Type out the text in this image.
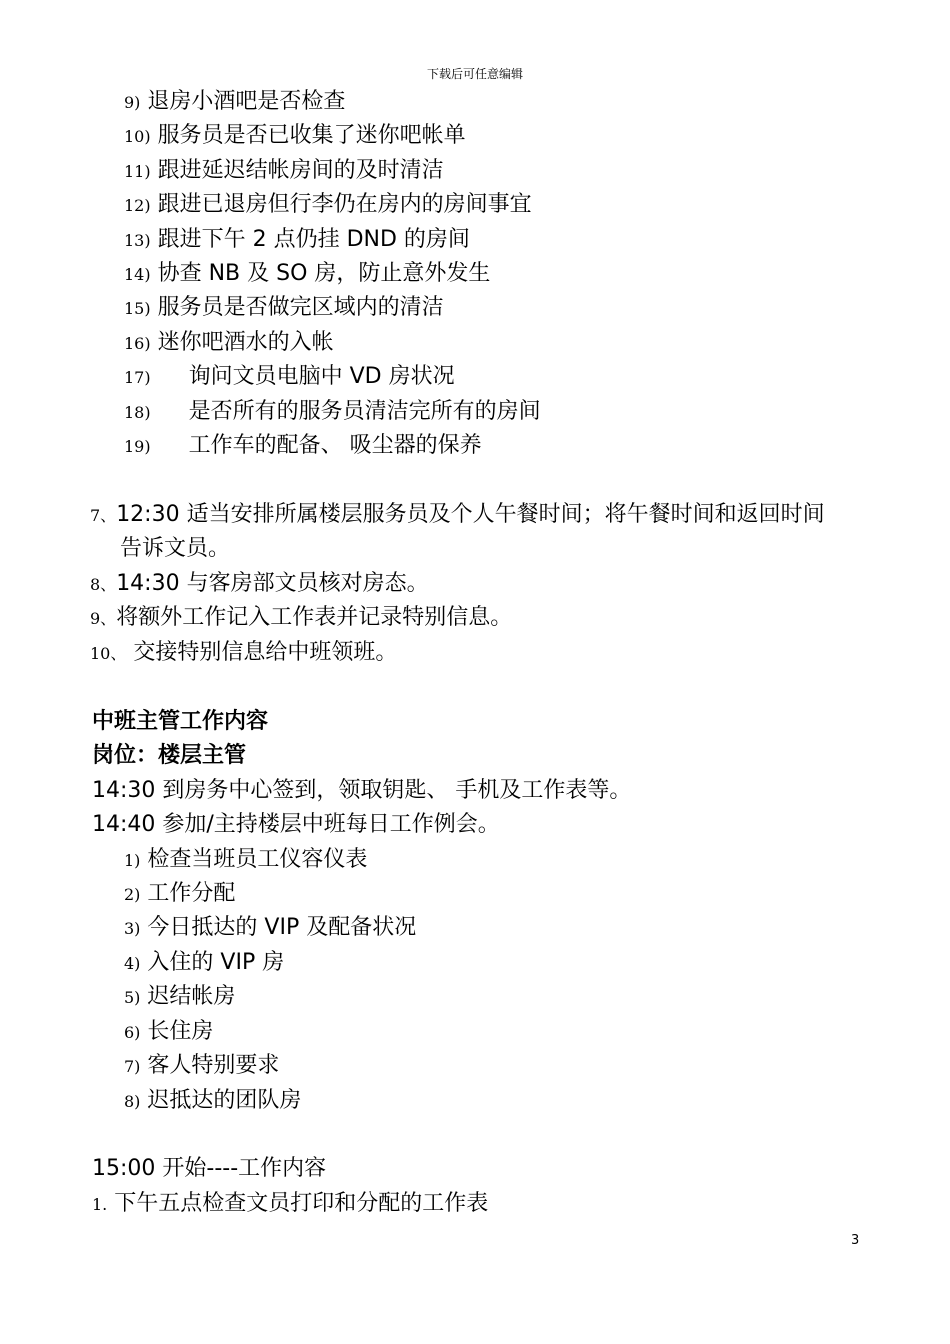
下载后可任意编辑
9) 退房小酒吧是否检查
10) 服务员是否已收集了迷你吧帐单
11) 跟进延迟结帐房间的及时清洁
12) 跟进已退房但行李仍在房内的房间事宜
13) 跟进下午 2 点仍挂 DND 的房间
14) 协查 NB 及 SO 房，防止意外发生
15) 服务员是否做完区域内的清洁
16) 迷你吧酒水的入帐
17) 询问文员电脑中 VD 房状况
18) 是否所有的服务员清洁完所有的房间
19) 工作车的配备、 吸尘器的保养
7、12:30 适当安排所属楼层服务员及个人午餐时间；将午餐时间和返回时间
告诉文员。
8、14:30 与客房部文员核对房态。
9、将额外工作记入工作表并记录特别信息。
10、 交接特别信息给中班领班。
中班主管工作内容
岗位：楼层主管
14:30 到房务中心签到，领取钥匙、 手机及工作表等。
14:40 参加/主持楼层中班每日工作例会。
1) 检查当班员工仪容仪表
2) 工作分配
3) 今日抵达的 VIP 及配备状况
4) 入住的 VIP 房
5) 迟结帐房
6) 长住房
7) 客人特别要求
8) 迟抵达的团队房
15:00 开始----工作内容
1. 下午五点检查文员打印和分配的工作表
3
